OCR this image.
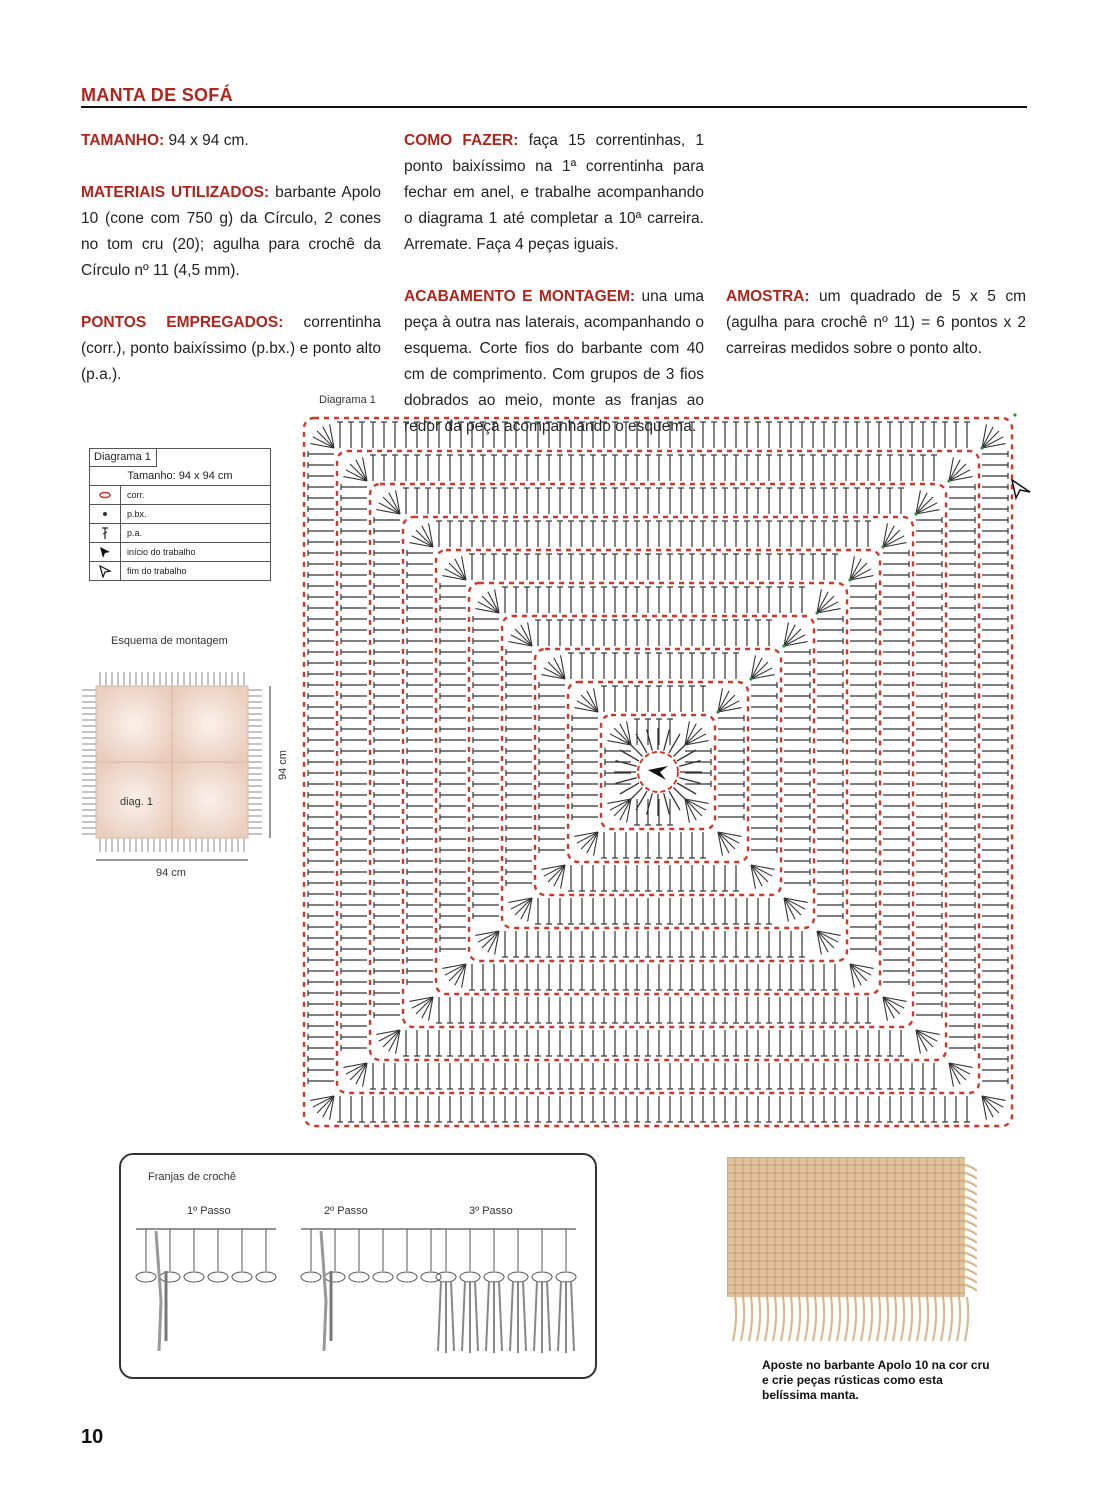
MANTA DE SOFÁ

TAMANHO: 94 x 94 cm.

MATERIAIS UTILIZADOS: barbante Apolo 10 (cone com 750 g) da Círculo, 2 cones no tom cru (20); agulha para crochê da Círculo nº 11 (4,5 mm).

PONTOS EMPREGADOS: correntinha (corr.), ponto baixíssimo (p.bx.) e ponto alto (p.a.).

COMO FAZER: faça 15 correntinhas, 1 ponto baixíssimo na 1ª correntinha para fechar em anel, e trabalhe acompanhando o diagrama 1 até completar a 10ª carreira. Arremate. Faça 4 peças iguais.

ACABAMENTO E MONTAGEM: una uma peça à outra nas laterais, acompanhando o esquema. Corte fios do barbante com 40 cm de comprimento. Com grupos de 3 fios dobrados ao meio, monte as franjas ao redor da peça acompanhando o esquema.

AMOSTRA: um quadrado de 5 x 5 cm (agulha para crochê nº 11) = 6 pontos x 2 carreiras medidos sobre o ponto alto.

Diagrama 1
Tamanho: 94 x 94 cm
corr.
p.bx.
p.a.
início do trabalho
fim do trabalho
Esquema de montagem
diag. 1
94 cm
94 cm
Diagrama 1
Franjas de crochê
1º Passo	2º Passo	3º Passo
Aposte no barbante Apolo 10 na cor cru e crie peças rústicas como esta belíssima manta.
10
